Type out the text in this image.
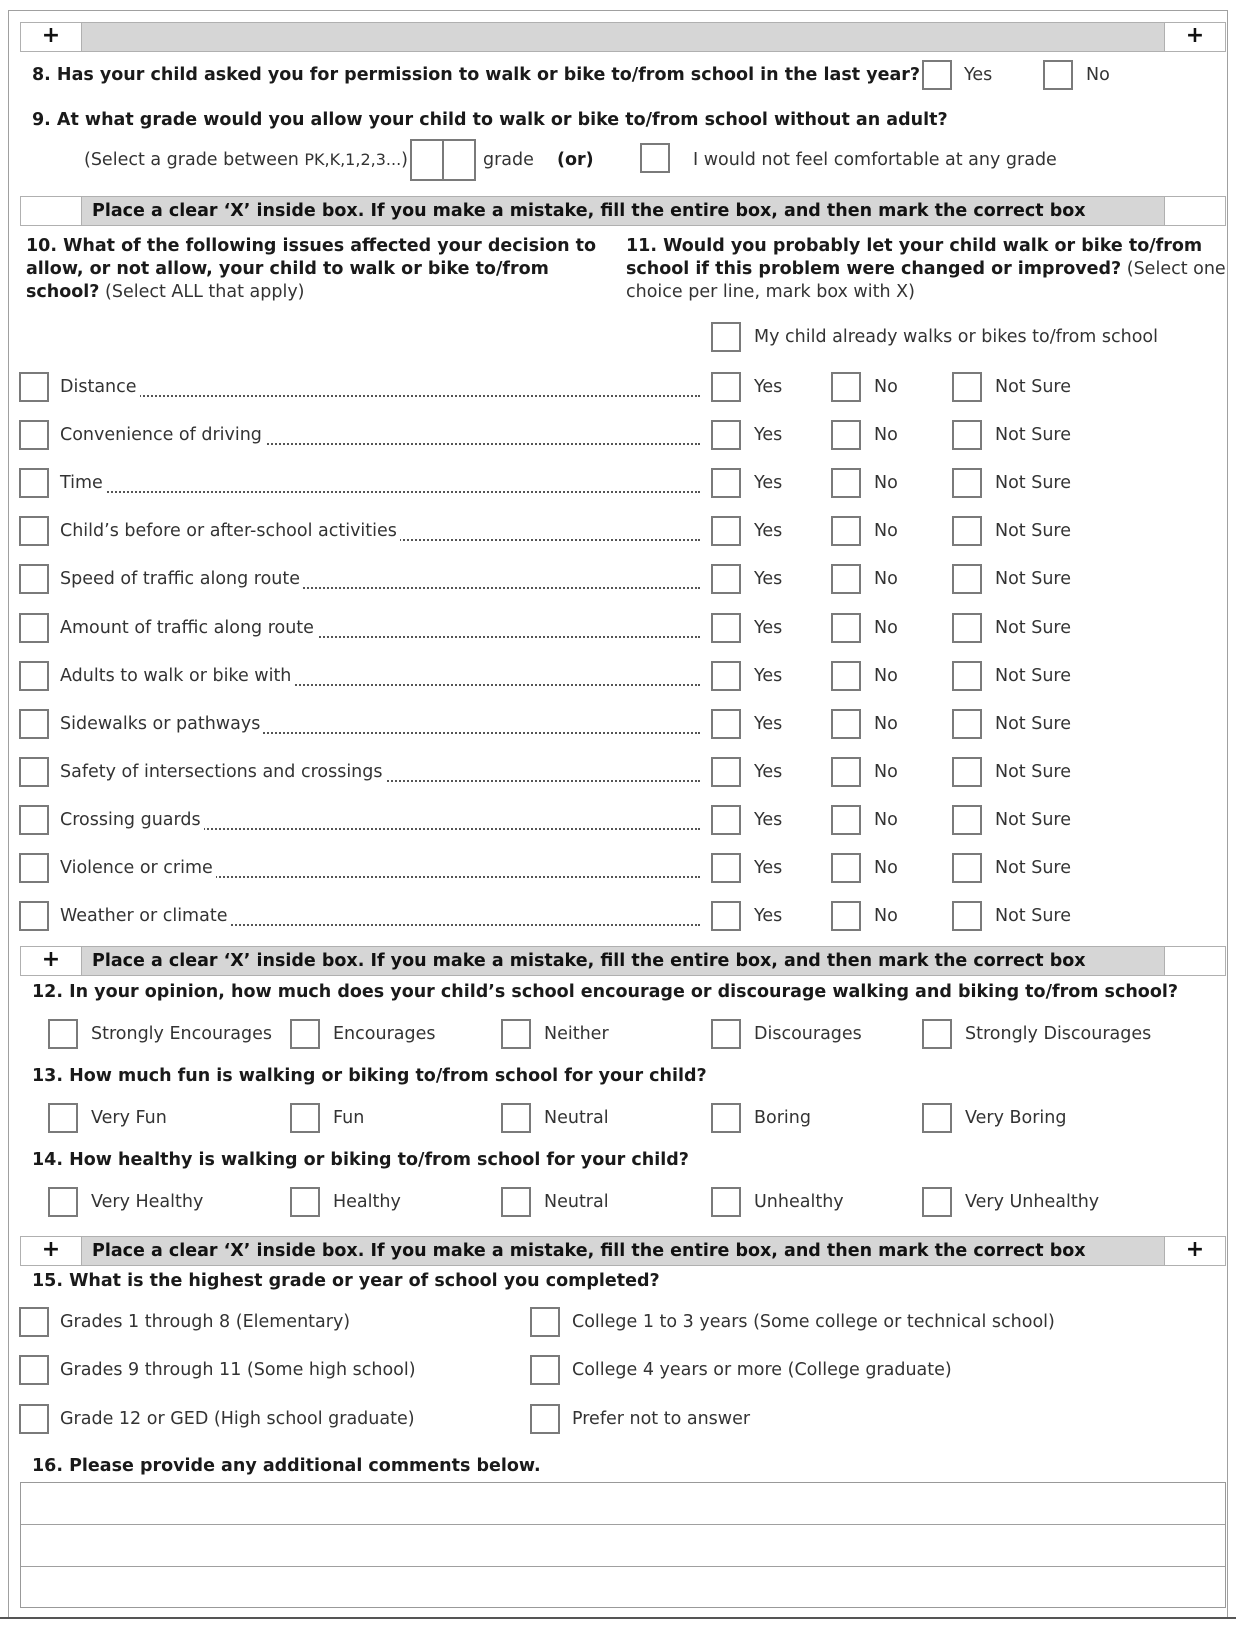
+	+
8. Has your child asked you for permission to walk or bike to/from school in the last year?	Yes	No
9. At what grade would you allow your child to walk or bike to/from school without an adult?
(Select a grade between PK,K,1,2,3...)	grade (or)	I would not feel comfortable at any grade
Place a clear ‘X’ inside box. If you make a mistake, fill the entire box, and then mark the correct box
10. What of the following issues affected your decision to
allow, or not allow, your child to walk or bike to/from
school? (Select ALL that apply)
11. Would you probably let your child walk or bike to/from
school if this problem were changed or improved? (Select one
choice per line, mark box with X)
My child already walks or bikes to/from school
Distance	Yes	No	Not Sure
Convenience of driving	Yes	No	Not Sure
Time	Yes	No	Not Sure
Child’s before or after-school activities	Yes	No	Not Sure
Speed of traffic along route	Yes	No	Not Sure
Amount of traffic along route	Yes	No	Not Sure
Adults to walk or bike with	Yes	No	Not Sure
Sidewalks or pathways	Yes	No	Not Sure
Safety of intersections and crossings	Yes	No	Not Sure
Crossing guards	Yes	No	Not Sure
Violence or crime	Yes	No	Not Sure
Weather or climate	Yes	No	Not Sure
+	Place a clear ‘X’ inside box. If you make a mistake, fill the entire box, and then mark the correct box
12. In your opinion, how much does your child’s school encourage or discourage walking and biking to/from school?
Strongly Encourages	Encourages	Neither	Discourages	Strongly Discourages
13. How much fun is walking or biking to/from school for your child?
Very Fun	Fun	Neutral	Boring	Very Boring
14. How healthy is walking or biking to/from school for your child?
Very Healthy	Healthy	Neutral	Unhealthy	Very Unhealthy
+	Place a clear ‘X’ inside box. If you make a mistake, fill the entire box, and then mark the correct box	+
15. What is the highest grade or year of school you completed?
Grades 1 through 8 (Elementary)	College 1 to 3 years (Some college or technical school)
Grades 9 through 11 (Some high school)	College 4 years or more (College graduate)
Grade 12 or GED (High school graduate)	Prefer not to answer
16. Please provide any additional comments below.
